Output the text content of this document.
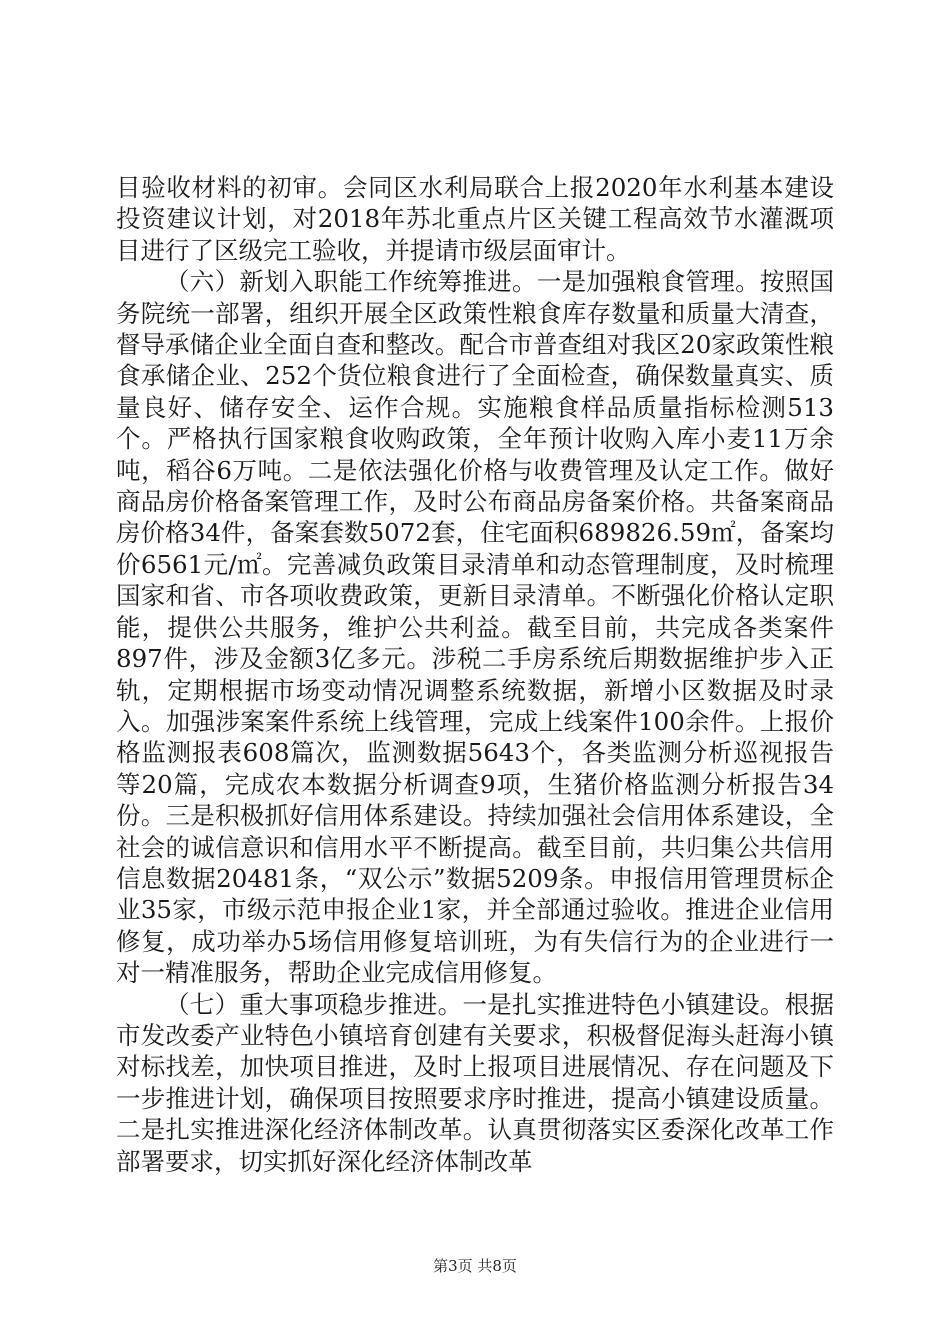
目验收材料的初审。会同区水利局联合上报2020年水利基本建设投资建议计划，对2018年苏北重点片区关键工程高效节水灌溉项目进行了区级完工验收，并提请市级层面审计。

（六）新划入职能工作统筹推进。一是加强粮食管理。按照国务院统一部署，组织开展全区政策性粮食库存数量和质量大清查，督导承储企业全面自查和整改。配合市普查组对我区20家政策性粮食承储企业、252个货位粮食进行了全面检查，确保数量真实、质量良好、储存安全、运作合规。实施粮食样品质量指标检测513个。严格执行国家粮食收购政策，全年预计收购入库小麦11万余吨，稻谷6万吨。二是依法强化价格与收费管理及认定工作。做好商品房价格备案管理工作，及时公布商品房备案价格。共备案商品房价格34件，备案套数5072套，住宅面积689826.59㎡，备案均价6561元/㎡。完善减负政策目录清单和动态管理制度，及时梳理国家和省、市各项收费政策，更新目录清单。不断强化价格认定职能，提供公共服务，维护公共利益。截至目前，共完成各类案件897件，涉及金额3亿多元。涉税二手房系统后期数据维护步入正轨，定期根据市场变动情况调整系统数据，新增小区数据及时录入。加强涉案案件系统上线管理，完成上线案件100余件。上报价格监测报表608篇次，监测数据5643个，各类监测分析巡视报告等20篇，完成农本数据分析调查9项，生猪价格监测分析报告34份。三是积极抓好信用体系建设。持续加强社会信用体系建设，全社会的诚信意识和信用水平不断提高。截至目前，共归集公共信用信息数据20481条，“双公示”数据5209条。申报信用管理贯标企业35家，市级示范申报企业1家，并全部通过验收。推进企业信用修复，成功举办5场信用修复培训班，为有失信行为的企业进行一对一精准服务，帮助企业完成信用修复。

（七）重大事项稳步推进。一是扎实推进特色小镇建设。根据市发改委产业特色小镇培育创建有关要求，积极督促海头赶海小镇对标找差，加快项目推进，及时上报项目进展情况、存在问题及下一步推进计划，确保项目按照要求序时推进，提高小镇建设质量。二是扎实推进深化经济体制改革。认真贯彻落实区委深化改革工作部署要求，切实抓好深化经济体制改革

第3页 共8页
